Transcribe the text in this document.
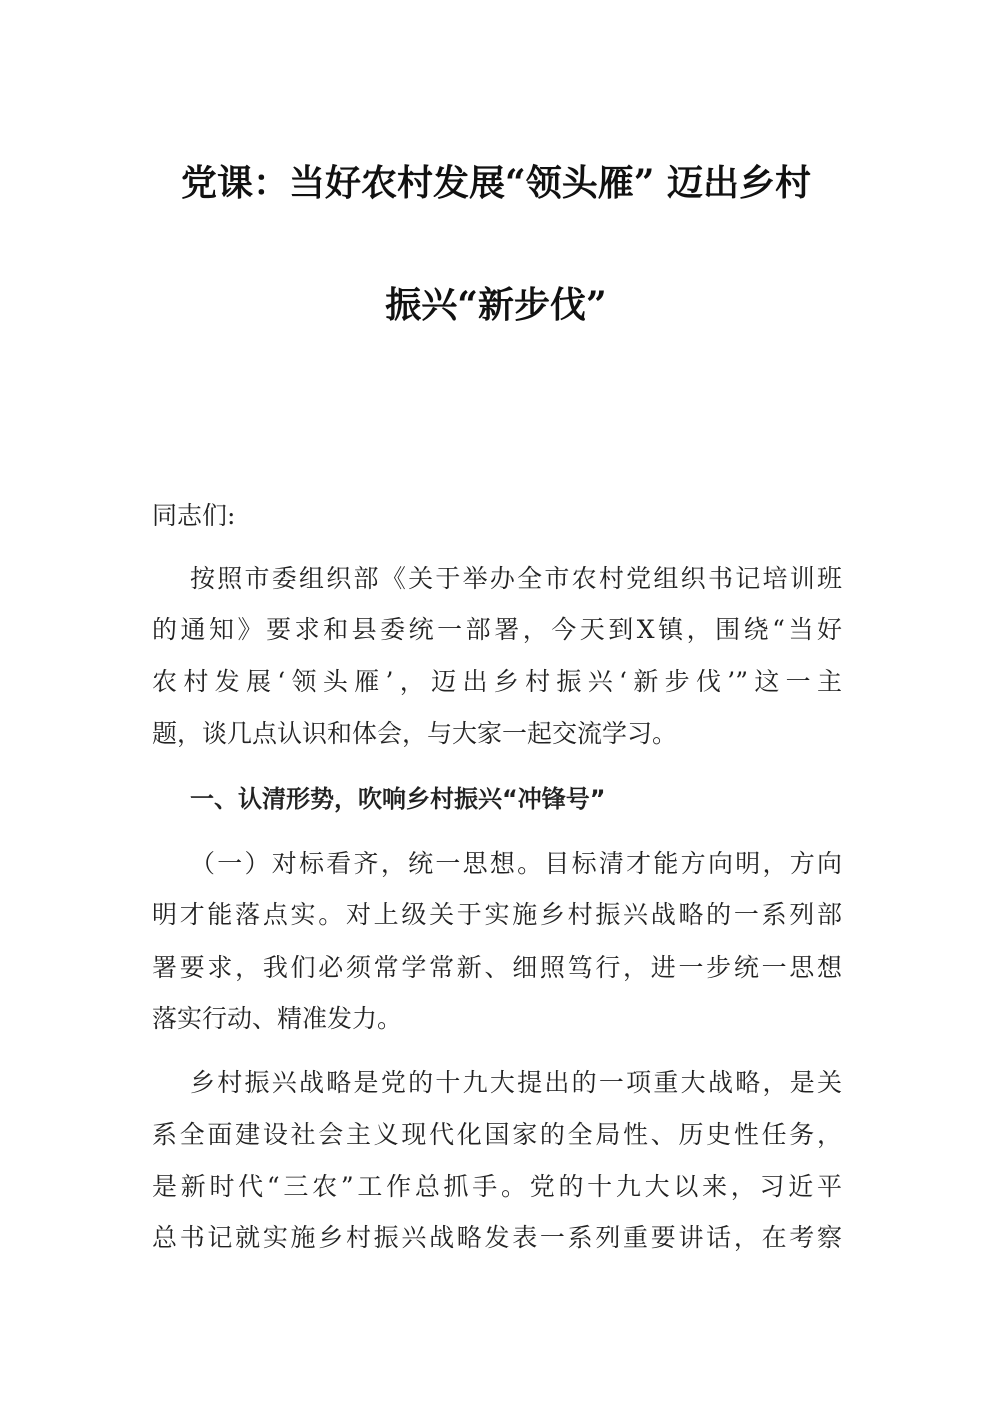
党课：当好农村发展“领头雁” 迈出乡村
振兴“新步伐”
同志们:
按照市委组织部《关于举办全市农村党组织书记培训班
的通知》要求和县委统一部署，今天到X镇，围绕“当好
农村发展‘领头雁’，迈出乡村振兴‘新步伐’”这一主
题，谈几点认识和体会，与大家一起交流学习。
一、认清形势，吹响乡村振兴“冲锋号”
（一）对标看齐，统一思想。目标清才能方向明，方向
明才能落点实。对上级关于实施乡村振兴战略的一系列部
署要求，我们必须常学常新、细照笃行，进一步统一思想
落实行动、精准发力。
乡村振兴战略是党的十九大提出的一项重大战略，是关
系全面建设社会主义现代化国家的全局性、历史性任务，
是新时代“三农”工作总抓手。党的十九大以来，习近平
总书记就实施乡村振兴战略发表一系列重要讲话，在考察
